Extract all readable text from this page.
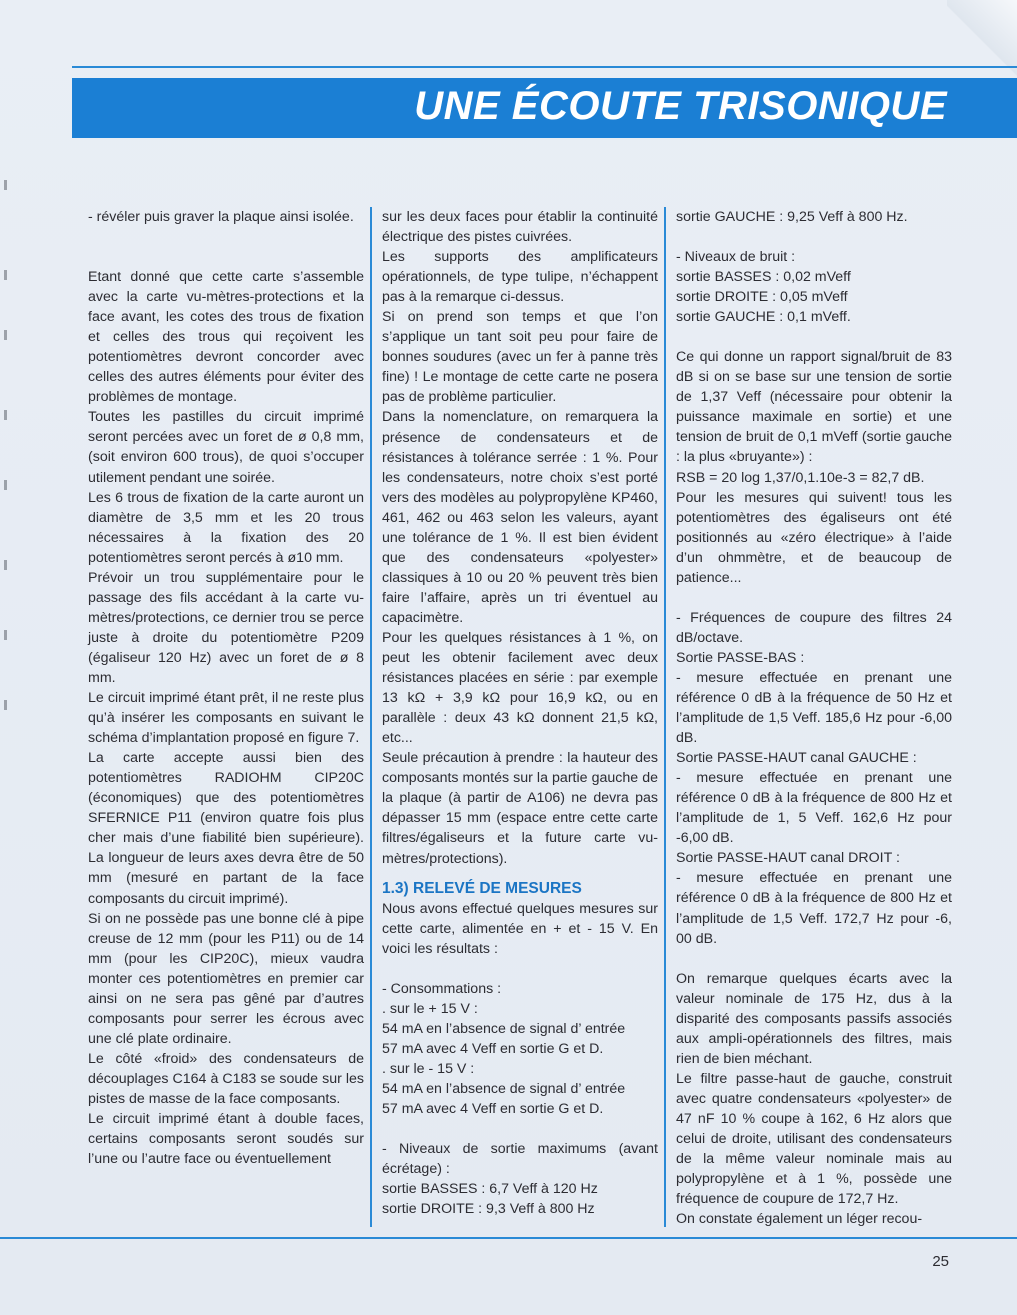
UNE ÉCOUTE TRISONIQUE

- révéler puis graver la plaque ainsi isolée.

Etant donné que cette carte s’assemble avec la carte vu-mètres-protections et la face avant, les cotes des trous de fixation et celles des trous qui reçoivent les potentiomètres devront concorder avec celles des autres éléments pour éviter des problèmes de montage.

Toutes les pastilles du circuit imprimé seront percées avec un foret de ø 0,8 mm, (soit environ 600 trous), de quoi s’occuper utilement pendant une soirée.

Les 6 trous de fixation de la carte auront un diamètre de 3,5 mm et les 20 trous nécessaires à la fixation des 20 potentiomètres seront percés à ø10 mm.

Prévoir un trou supplémentaire pour le passage des fils accédant à la carte vu-mètres/protections, ce dernier trou se perce juste à droite du potentiomètre P209 (égaliseur 120 Hz) avec un foret de ø 8 mm.

Le circuit imprimé étant prêt, il ne reste plus qu’à insérer les composants en suivant le schéma d’implantation proposé en figure 7.

La carte accepte aussi bien des potentiomètres RADIOHM CIP20C (économiques) que des potentiomètres SFERNICE P11 (environ quatre fois plus cher mais d’une fiabilité bien supérieure). La longueur de leurs axes devra être de 50 mm (mesuré en partant de la face composants du circuit imprimé).

Si on ne possède pas une bonne clé à pipe creuse de 12 mm (pour les P11) ou de 14 mm (pour les CIP20C), mieux vaudra monter ces potentiomètres en premier car ainsi on ne sera pas gêné par d’autres composants pour serrer les écrous avec une clé plate ordinaire.

Le côté «froid» des condensateurs de découplages C164 à C183 se soude sur les pistes de masse de la face composants.

Le circuit imprimé étant à double faces, certains composants seront soudés sur l’une ou l’autre face ou éventuellement

sur les deux faces pour établir la continuité électrique des pistes cuivrées.

Les supports des amplificateurs opérationnels, de type tulipe, n’échappent pas à la remarque ci-dessus.

Si on prend son temps et que l’on s’applique un tant soit peu pour faire de bonnes soudures (avec un fer à panne très fine) ! Le montage de cette carte ne posera pas de problème particulier.

Dans la nomenclature, on remarquera la présence de condensateurs et de résistances à tolérance serrée : 1 %. Pour les condensateurs, notre choix s’est porté vers des modèles au polypropylène KP460, 461, 462 ou 463 selon les valeurs, ayant une tolérance de 1 %. Il est bien évident que des condensateurs «polyester» classiques à 10 ou 20 % peuvent très bien faire l’affaire, après un tri éventuel au capacimètre.

Pour les quelques résistances à 1 %, on peut les obtenir facilement avec deux résistances placées en série : par exemple 13 kΩ + 3,9 kΩ pour 16,9 kΩ, ou en parallèle : deux 43 kΩ donnent 21,5 kΩ, etc...

Seule précaution à prendre : la hauteur des composants montés sur la partie gauche de la plaque (à partir de A106) ne devra pas dépasser 15 mm (espace entre cette carte filtres/égaliseurs et la future carte vu-mètres/protections).

1.3) RELEVÉ DE MESURES

Nous avons effectué quelques mesures sur cette carte, alimentée en + et - 15 V. En voici les résultats :

- Consommations :

. sur le + 15 V :

54 mA en l’absence de signal d’ entrée

57 mA avec 4 Veff en sortie G et D.

. sur le - 15 V :

54 mA en l’absence de signal d’ entrée

57 mA avec 4 Veff en sortie G et D.

- Niveaux de sortie maximums (avant écrétage) :

sortie BASSES : 6,7 Veff à 120 Hz

sortie DROITE : 9,3 Veff à 800 Hz

sortie GAUCHE : 9,25 Veff à 800 Hz.

- Niveaux de bruit :

sortie BASSES : 0,02 mVeff

sortie DROITE : 0,05 mVeff

sortie GAUCHE : 0,1 mVeff.

Ce qui donne un rapport signal/bruit de 83 dB si on se base sur une tension de sortie de 1,37 Veff (nécessaire pour obtenir la puissance maximale en sortie) et une tension de bruit de 0,1 mVeff (sortie gauche : la plus «bruyante») :

RSB = 20 log 1,37/0,1.10e-3 = 82,7 dB.

Pour les mesures qui suivent! tous les potentiomètres des égaliseurs ont été positionnés au «zéro électrique» à l’aide d’un ohmmètre, et de beaucoup de patience...

- Fréquences de coupure des filtres 24 dB/octave.

Sortie PASSE-BAS :

- mesure effectuée en prenant une référence 0 dB à la fréquence de 50 Hz et l’amplitude de 1,5 Veff. 185,6 Hz pour -6,00 dB.

Sortie PASSE-HAUT canal GAUCHE :

- mesure effectuée en prenant une référence 0 dB à la fréquence de 800 Hz et l’amplitude de 1, 5 Veff. 162,6 Hz pour -6,00 dB.

Sortie PASSE-HAUT canal DROIT :

- mesure effectuée en prenant une référence 0 dB à la fréquence de 800 Hz et l’amplitude de 1,5 Veff. 172,7 Hz pour -6, 00 dB.

On remarque quelques écarts avec la valeur nominale de 175 Hz, dus à la disparité des composants passifs associés aux ampli-opérationnels des filtres, mais rien de bien méchant.

Le filtre passe-haut de gauche, construit avec quatre condensateurs «polyester» de 47 nF 10 % coupe à 162, 6 Hz alors que celui de droite, utilisant des condensateurs de la même valeur nominale mais au polypropylène et à 1 %, possède une fréquence de coupure de 172,7 Hz.

On constate également un léger recou-

25
